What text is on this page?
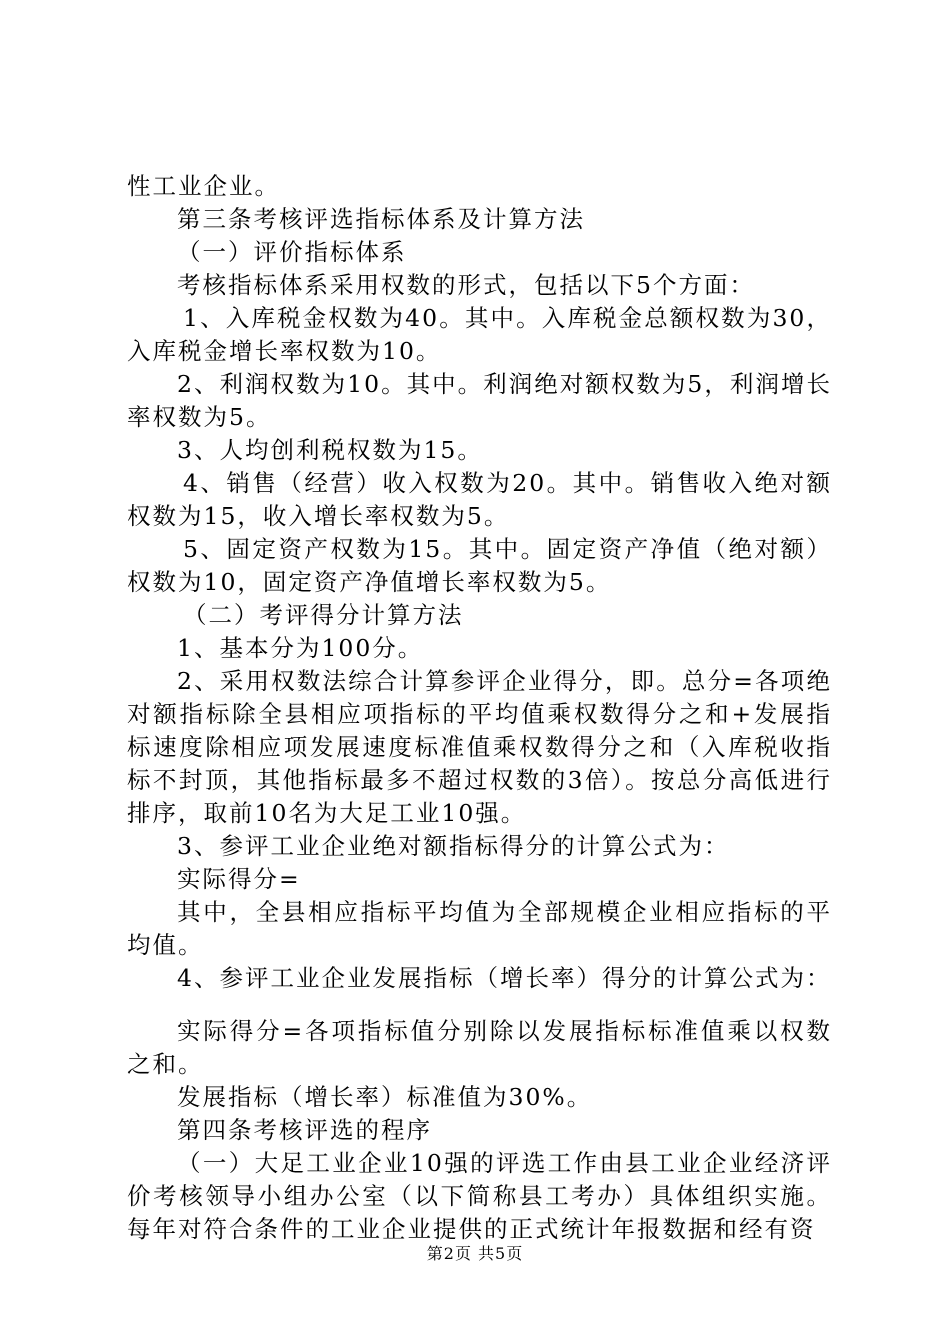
性工业企业。

第三条考核评选指标体系及计算方法

（一）评价指标体系

考核指标体系采用权数的形式，包括以下5个方面：

1、入库税金权数为40。其中。入库税金总额权数为30，入库税金增长率权数为10。

2、利润权数为10。其中。利润绝对额权数为5，利润增长率权数为5。

3、人均创利税权数为15。

4、销售（经营）收入权数为20。其中。销售收入绝对额权数为15，收入增长率权数为5。

5、固定资产权数为15。其中。固定资产净值（绝对额）权数为10，固定资产净值增长率权数为5。

（二）考评得分计算方法

1、基本分为100分。

2、采用权数法综合计算参评企业得分，即。总分=各项绝对额指标除全县相应项指标的平均值乘权数得分之和+发展指标速度除相应项发展速度标准值乘权数得分之和（入库税收指标不封顶，其他指标最多不超过权数的3倍）。按总分高低进行排序，取前10名为大足工业10强。

3、参评工业企业绝对额指标得分的计算公式为：

实际得分=

其中，全县相应指标平均值为全部规模企业相应指标的平均值。

4、参评工业企业发展指标（增长率）得分的计算公式为：

实际得分=各项指标值分别除以发展指标标准值乘以权数之和。

发展指标（增长率）标准值为30%。

第四条考核评选的程序

（一）大足工业企业10强的评选工作由县工业企业经济评价考核领导小组办公室（以下简称县工考办）具体组织实施。每年对符合条件的工业企业提供的正式统计年报数据和经有资

第2页 共5页
